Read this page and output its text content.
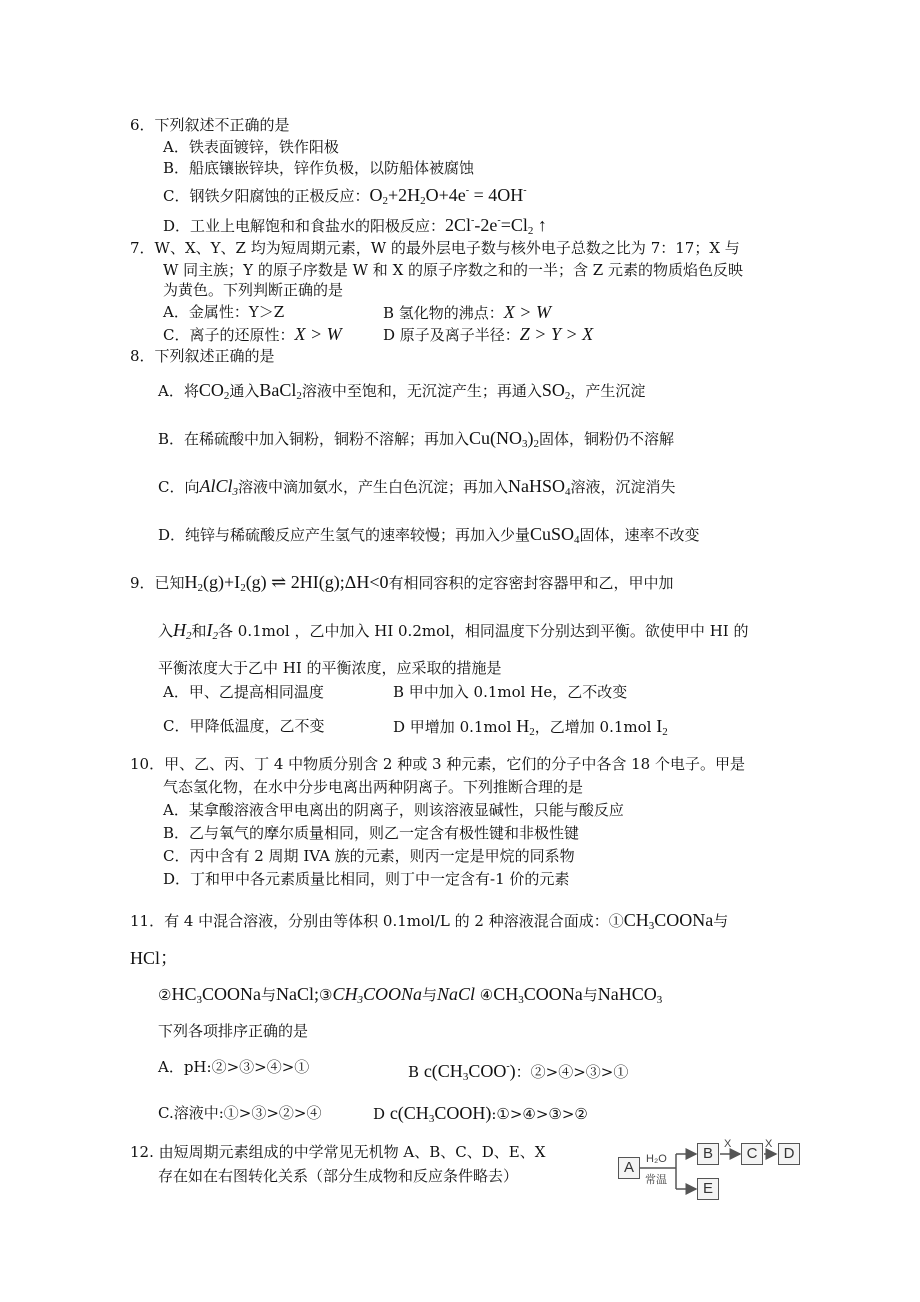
6．下列叙述不正确的是
A．铁表面镀锌，铁作阳极
B．船底镶嵌锌块，锌作负极，以防船体被腐蚀
C．钢铁夕阳腐蚀的正极反应：$O_2+2H_2O+4e^- = 4OH^-$
D．工业上电解饱和和食盐水的阳极反应：$2Cl^--2e^-=Cl_2$ ↑
7．W、X、Y、Z 均为短周期元素，W 的最外层电子数与核外电子总数之比为 7：17；X 与
W 同主族；Y 的原子序数是 W 和 X 的原子序数之和的一半；含 Z 元素的物质焰色反映
为黄色。下列判断正确的是
A．金属性：Y＞Z	B 氢化物的沸点：X > W
C．离子的还原性：X > W	D 原子及离子半径：Z > Y > X
8．下列叙述正确的是
A．将$CO_2$通入BaCl$_2$溶液中至饱和，无沉淀产生；再通入$SO_2$，产生沉淀
B．在稀硫酸中加入铜粉，铜粉不溶解；再加入$Cu(NO_3)_2$固体，铜粉仍不溶解
C．向AlCl$_3$溶液中滴加氨水，产生白色沉淀；再加入NaHSO$_4$溶液，沉淀消失
D．纯锌与稀硫酸反应产生氢气的速率较慢；再加入少量CuSO$_4$固体，速率不改变
9．已知$H_2(g)+I_2(g)$ ⇌ 2HI(g);ΔH<0有相同容积的定容密封容器甲和乙，甲中加
入$H_2$和$I_2$各 0.1mol ，乙中加入 HI 0.2mol，相同温度下分别达到平衡。欲使甲中 HI 的
平衡浓度大于乙中 HI 的平衡浓度，应采取的措施是
A．甲、乙提高相同温度	B 甲中加入 0.1mol He，乙不改变
C．甲降低温度，乙不变	D 甲增加 0.1mol $H_2$，乙增加 0.1mol $I_2$
10．甲、乙、丙、丁 4 中物质分别含 2 种或 3 种元素，它们的分子中各含 18 个电子。甲是
气态氢化物，在水中分步电离出两种阴离子。下列推断合理的是
A．某拿酸溶液含甲电离出的阴离子，则该溶液显碱性，只能与酸反应
B．乙与氧气的摩尔质量相同，则乙一定含有极性键和非极性键
C．丙中含有 2 周期 IVA 族的元素，则丙一定是甲烷的同系物
D．丁和甲中各元素质量比相同，则丁中一定含有-1 价的元素
11．有 4 中混合溶液，分别由等体积 0.1mol/L 的 2 种溶液混合面成：$①CH_3COONa$与
HCl；
$②HC_3COONa$与$NaCl;③CH_3COONa$与NaCl $④CH_3COONa$与NaHCO$_3$
下列各项排序正确的是
A．pH:②>③>④>①	B $c(CH_3COO^-)$：②>④>③>①
C.溶液中:①>③>②>④	D $c(CH_3COOH):①>④>③>②$
12. 由短周期元素组成的中学常见无机物 A、B、C、D、E、X
存在如在右图转化关系（部分生成物和反应条件略去）	A
B	C	D
E
H₂O
常温
X	X
